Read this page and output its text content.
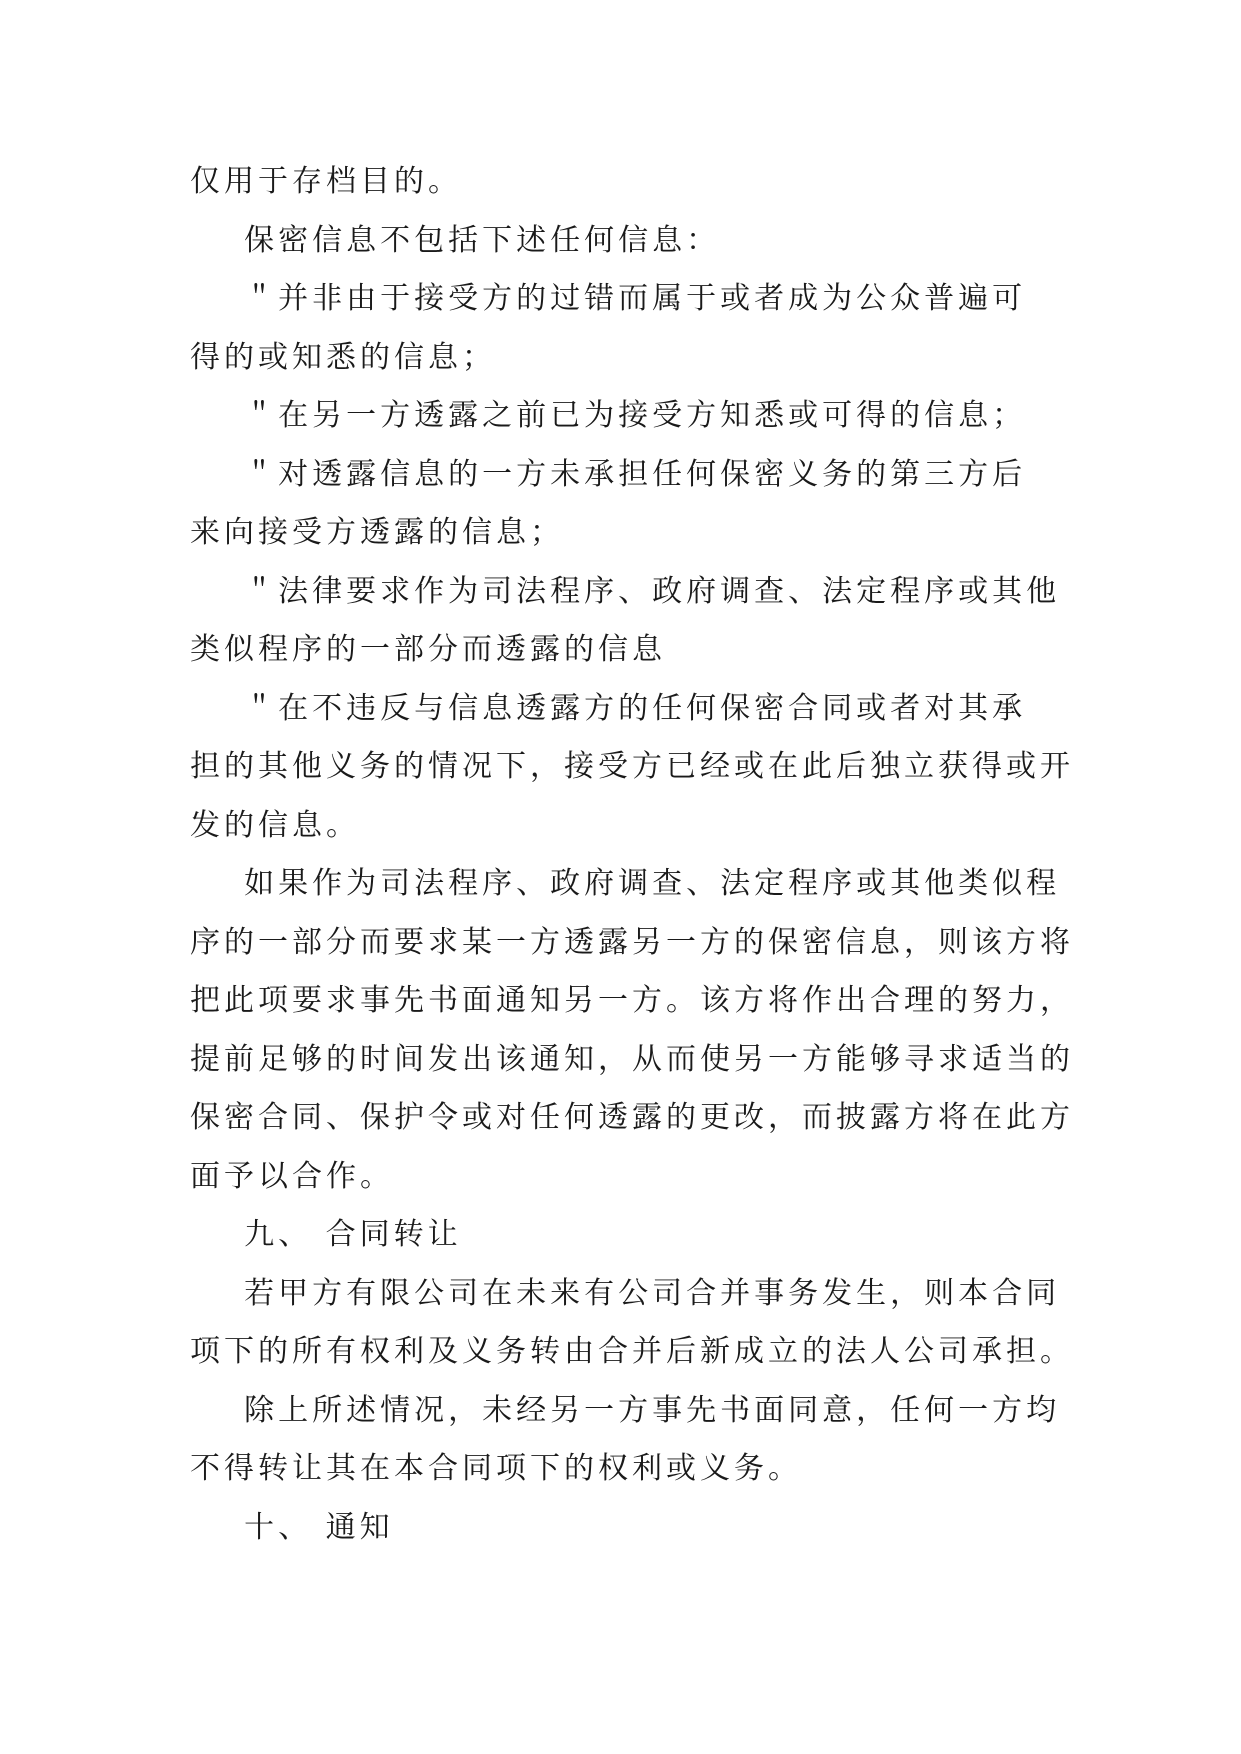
仅用于存档目的。

保密信息不包括下述任何信息：

＂并非由于接受方的过错而属于或者成为公众普遍可

得的或知悉的信息；

＂在另一方透露之前已为接受方知悉或可得的信息；

＂对透露信息的一方未承担任何保密义务的第三方后

来向接受方透露的信息；

＂法律要求作为司法程序、政府调查、法定程序或其他

类似程序的一部分而透露的信息

＂在不违反与信息透露方的任何保密合同或者对其承

担的其他义务的情况下，接受方已经或在此后独立获得或开

发的信息。

如果作为司法程序、政府调查、法定程序或其他类似程

序的一部分而要求某一方透露另一方的保密信息，则该方将

把此项要求事先书面通知另一方。该方将作出合理的努力，

提前足够的时间发出该通知，从而使另一方能够寻求适当的

保密合同、保护令或对任何透露的更改，而披露方将在此方

面予以合作。

九、 合同转让

若甲方有限公司在未来有公司合并事务发生，则本合同

项下的所有权利及义务转由合并后新成立的法人公司承担。

除上所述情况，未经另一方事先书面同意，任何一方均

不得转让其在本合同项下的权利或义务。

十、 通知
